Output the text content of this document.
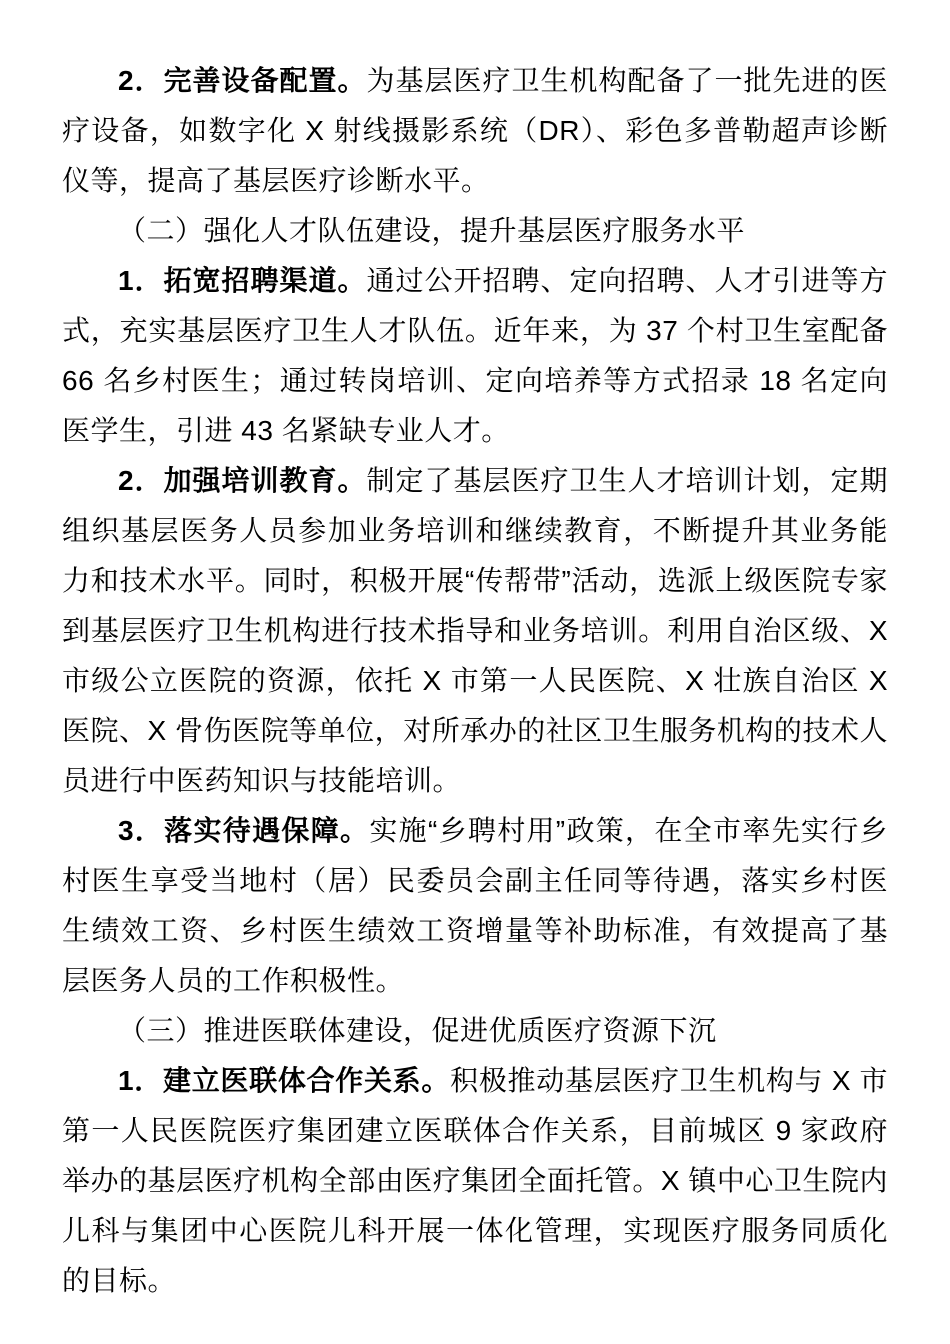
2．完善设备配置。为基层医疗卫生机构配备了一批先进的医疗设备，如数字化 X 射线摄影系统（DR）、彩色多普勒超声诊断仪等，提高了基层医疗诊断水平。

（二）强化人才队伍建设，提升基层医疗服务水平

1．拓宽招聘渠道。通过公开招聘、定向招聘、人才引进等方式，充实基层医疗卫生人才队伍。近年来，为 37 个村卫生室配备 66 名乡村医生；通过转岗培训、定向培养等方式招录 18 名定向医学生，引进 43 名紧缺专业人才。

2．加强培训教育。制定了基层医疗卫生人才培训计划，定期组织基层医务人员参加业务培训和继续教育，不断提升其业务能力和技术水平。同时，积极开展“传帮带”活动，选派上级医院专家到基层医疗卫生机构进行技术指导和业务培训。利用自治区级、X 市级公立医院的资源，依托 X 市第一人民医院、X 壮族自治区 X 医院、X 骨伤医院等单位，对所承办的社区卫生服务机构的技术人员进行中医药知识与技能培训。

3．落实待遇保障。实施“乡聘村用”政策，在全市率先实行乡村医生享受当地村（居）民委员会副主任同等待遇，落实乡村医生绩效工资、乡村医生绩效工资增量等补助标准，有效提高了基层医务人员的工作积极性。

（三）推进医联体建设，促进优质医疗资源下沉

1．建立医联体合作关系。积极推动基层医疗卫生机构与 X 市第一人民医院医疗集团建立医联体合作关系，目前城区 9 家政府举办的基层医疗机构全部由医疗集团全面托管。X 镇中心卫生院内儿科与集团中心医院儿科开展一体化管理，实现医疗服务同质化的目标。
